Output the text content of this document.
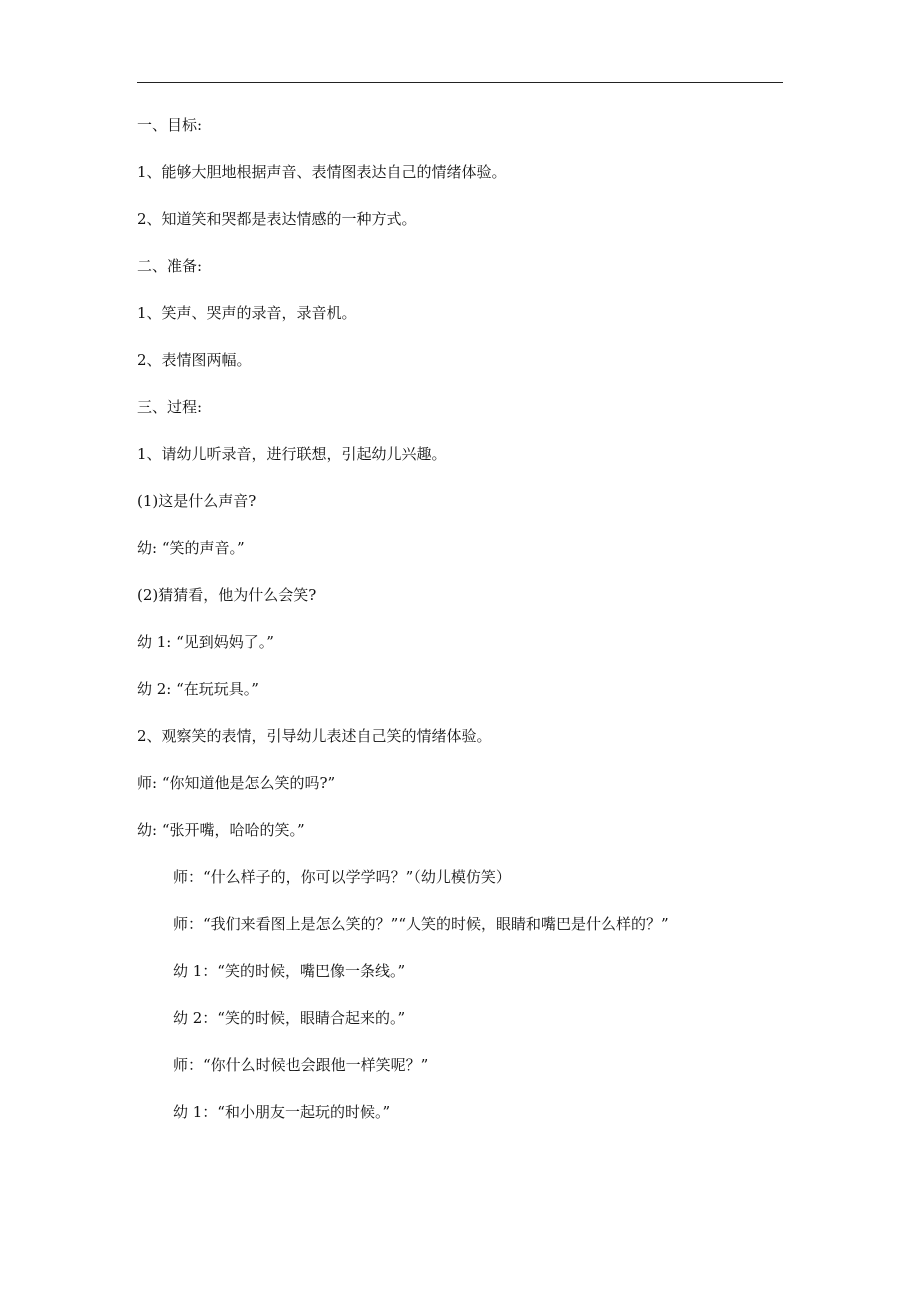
一、目标:
1、能够大胆地根据声音、表情图表达自己的情绪体验。
2、知道笑和哭都是表达情感的一种方式。
二、准备:
1、笑声、哭声的录音，录音机。
2、表情图两幅。
三、过程:
1、请幼儿听录音，进行联想，引起幼儿兴趣。
(1)这是什么声音?
幼: “笑的声音。”
(2)猜猜看，他为什么会笑?
幼 1: “见到妈妈了。”
幼 2: “在玩玩具。”
2、观察笑的表情，引导幼儿表述自己笑的情绪体验。
师: “你知道他是怎么笑的吗?”
幼: “张开嘴，哈哈的笑。”
师：“什么样子的，你可以学学吗？”（幼儿模仿笑）
师：“我们来看图上是怎么笑的？”“人笑的时候，眼睛和嘴巴是什么样的？”
幼 1：“笑的时候，嘴巴像一条线。”
幼 2：“笑的时候，眼睛合起来的。”
师：“你什么时候也会跟他一样笑呢？”
幼 1：“和小朋友一起玩的时候。”
